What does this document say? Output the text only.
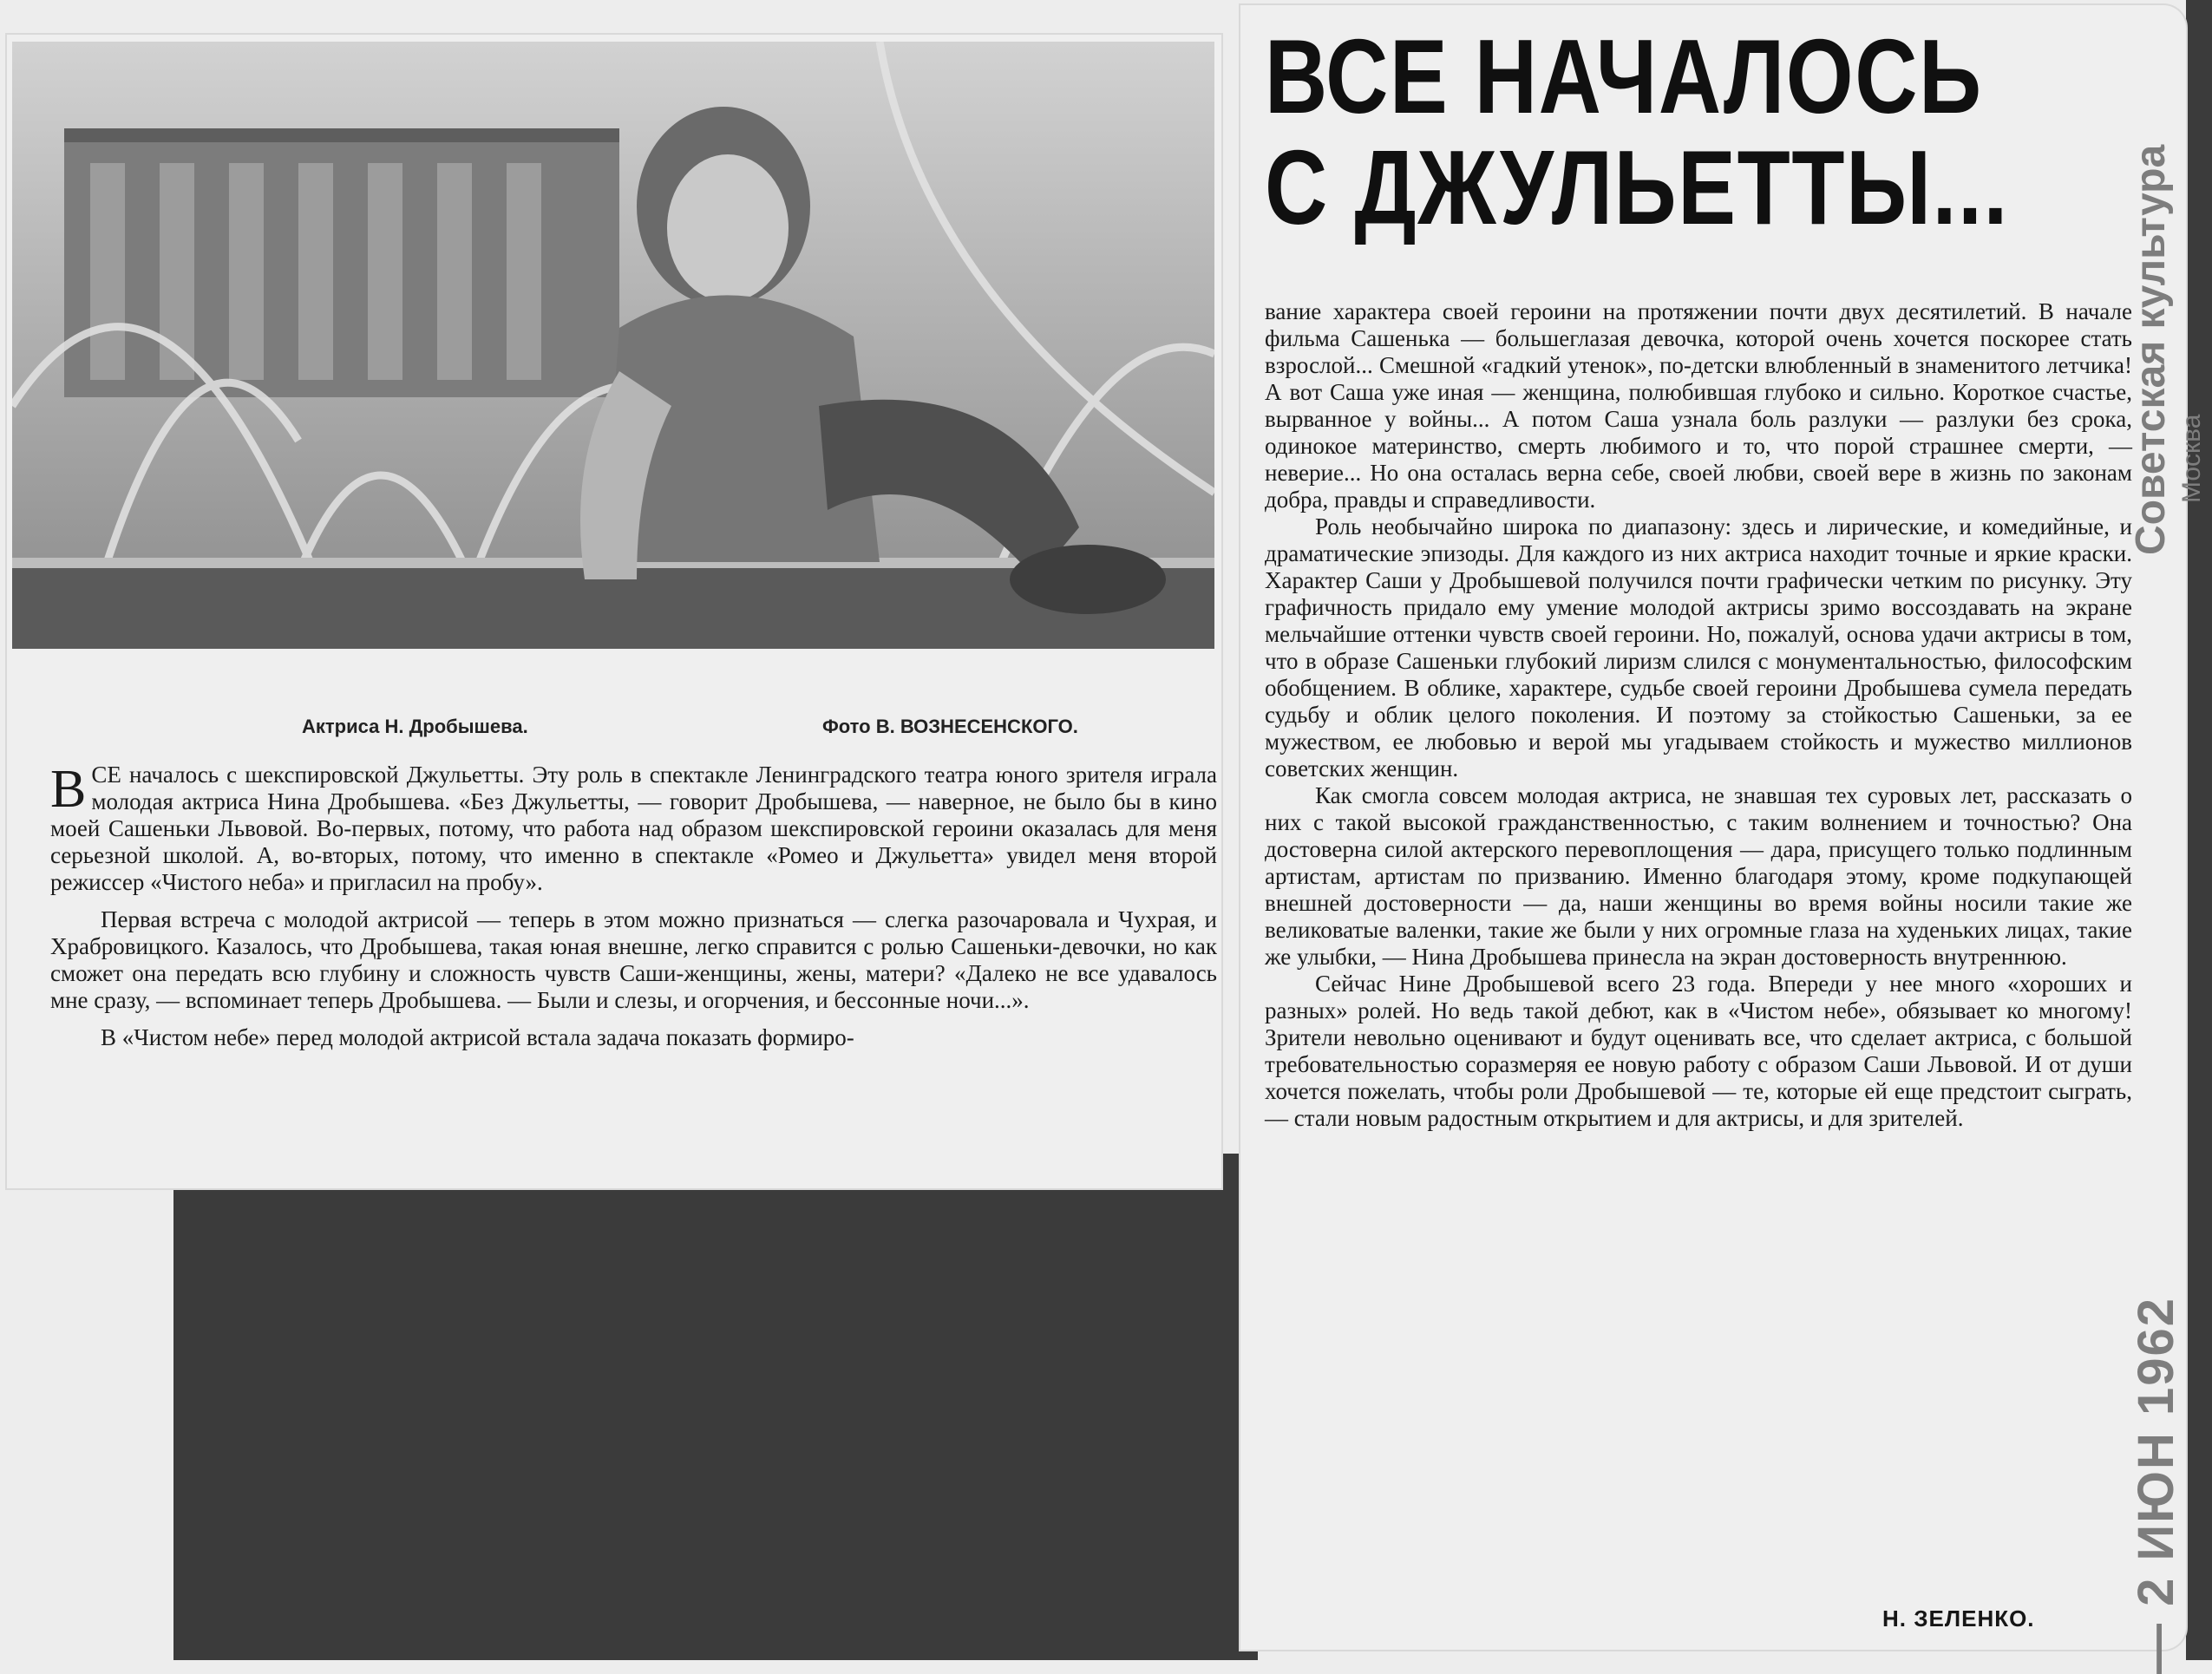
Актриса Н. Дробышева.	Фото В. ВОЗНЕСЕНСКОГО.

ВСЕ началось с шекспировской Джульетты. Эту роль в спектакле Ленинградского театра юного зрителя играла молодая актриса Нина Дробышева. «Без Джульетты, — говорит Дробышева, — наверное, не было бы в кино моей Сашеньки Львовой. Во-первых, потому, что работа над образом шекспировской героини оказалась для меня серьезной школой. А, во-вторых, потому, что именно в спектакле «Ромео и Джульетта» увидел меня второй режиссер «Чистого неба» и пригласил на пробу».

Первая встреча с молодой актрисой — теперь в этом можно признаться — слегка разочаровала и Чухрая, и Храбровицкого. Казалось, что Дробышева, такая юная внешне, легко справится с ролью Сашеньки-девочки, но как сможет она передать всю глубину и сложность чувств Саши-женщины, жены, матери? «Далеко не все удавалось мне сразу, — вспоминает теперь Дробышева. — Были и слезы, и огорчения, и бессонные ночи...».

В «Чистом небе» перед молодой актрисой встала задача показать формиро-

ВСЕ НАЧАЛОСЬ
С ДЖУЛЬЕТТЫ...

вание характера своей героини на протяжении почти двух десятилетий. В начале фильма Сашенька — большеглазая девочка, которой очень хочется поскорее стать взрослой... Смешной «гадкий утенок», по-детски влюбленный в знаменитого летчика! А вот Саша уже иная — женщина, полюбившая глубоко и сильно. Короткое счастье, вырванное у войны... А потом Саша узнала боль разлуки — разлуки без срока, одинокое материнство, смерть любимого и то, что порой страшнее смерти, — неверие... Но она осталась верна себе, своей любви, своей вере в жизнь по законам добра, правды и справедливости.

Роль необычайно широка по диапазону: здесь и лирические, и комедийные, и драматические эпизоды. Для каждого из них актриса находит точные и яркие краски. Характер Саши у Дробышевой получился почти графически четким по рисунку. Эту графичность придало ему умение молодой актрисы зримо воссоздавать на экране мельчайшие оттенки чувств своей героини. Но, пожалуй, основа удачи актрисы в том, что в образе Сашеньки глубокий лиризм слился с монументальностью, философским обобщением. В облике, характере, судьбе своей героини Дробышева сумела передать судьбу и облик целого поколения. И поэтому за стойкостью Сашеньки, за ее мужеством, ее любовью и верой мы угадываем стойкость и мужество миллионов советских женщин.

Как смогла совсем молодая актриса, не знавшая тех суровых лет, рассказать о них с такой высокой гражданственностью, с таким волнением и точностью? Она достоверна силой актерского перевоплощения — дара, присущего только подлинным артистам, артистам по призванию. Именно благодаря этому, кроме подкупающей внешней достоверности — да, наши женщины во время войны носили такие же великоватые валенки, такие же были у них огромные глаза на худеньких лицах, такие же улыбки, — Нина Дробышева принесла на экран достоверность внутреннюю.

Сейчас Нине Дробышевой всего 23 года. Впереди у нее много «хороших и разных» ролей. Но ведь такой дебют, как в «Чистом небе», обязывает ко многому! Зрители невольно оценивают и будут оценивать все, что сделает актриса, с большой требовательностью соразмеряя ее новую работу с образом Саши Львовой. И от души хочется пожелать, чтобы роли Дробышевой — те, которые ей еще предстоит сыграть, — стали новым радостным открытием и для актрисы, и для зрителей.

Н. ЗЕЛЕНКО. — 2 ИЮН 1962
Советская культура Москва
